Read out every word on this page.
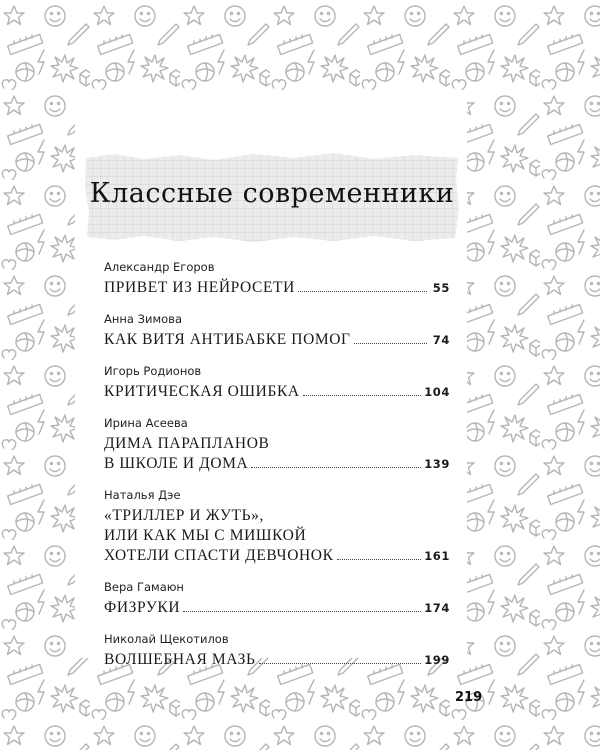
Классные современники
Александр Егоров
ПРИВЕТ ИЗ НЕЙРОСЕТИ	55
Анна Зимова
КАК ВИТЯ АНТИБАБКЕ ПОМОГ	74
Игорь Родионов
КРИТИЧЕСКАЯ ОШИБКА	104
Ирина Асеева
ДИМА ПАРАПЛАНОВ
В ШКОЛЕ И ДОМА	139
Наталья Дэе
«ТРИЛЛЕР И ЖУТЬ»,
ИЛИ КАК МЫ С МИШКОЙ
ХОТЕЛИ СПАСТИ ДЕВЧОНОК	161
Вера Гамаюн
ФИЗРУКИ	174
Николай Щекотилов
ВОЛШЕБНАЯ МАЗЬ	199
219
